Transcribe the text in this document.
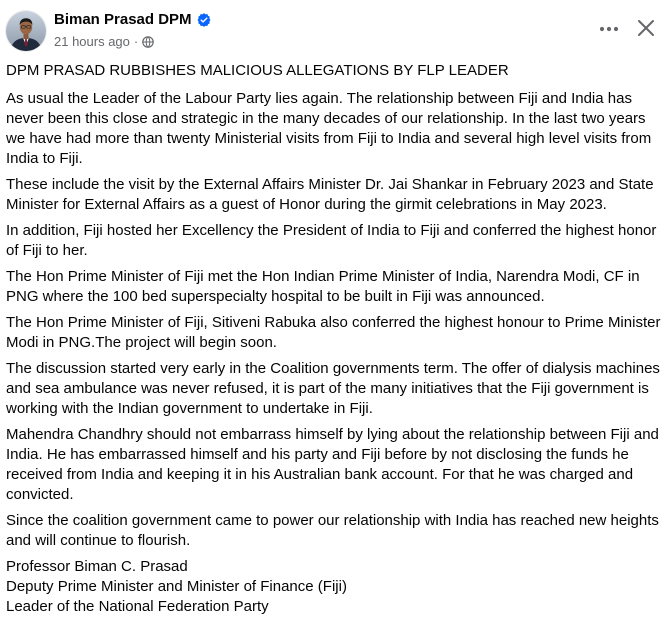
Biman Prasad DPM
21 hours ago ·

DPM PRASAD RUBBISHES MALICIOUS ALLEGATIONS BY FLP LEADER

As usual the Leader of the Labour Party lies again. The relationship between Fiji and India has never been this close and strategic in the many decades of our relationship. In the last two years we have had more than twenty Ministerial visits from Fiji to India and several high level visits from India to Fiji.

These include the visit by the External Affairs Minister Dr. Jai Shankar in February 2023 and State Minister for External Affairs as a guest of Honor during the girmit celebrations in May 2023.

In addition, Fiji hosted her Excellency the President of India to Fiji and conferred the highest honor of Fiji to her.

The Hon Prime Minister of Fiji met the Hon Indian Prime Minister of India, Narendra Modi, CF in PNG where the 100 bed superspecialty hospital to be built in Fiji was announced.

The Hon Prime Minister of Fiji, Sitiveni Rabuka also conferred the highest honour to Prime Minister Modi in PNG.The project will begin soon.

The discussion started very early in the Coalition governments term. The offer of dialysis machines and sea ambulance was never refused, it is part of the many initiatives that the Fiji government is working with the Indian government to undertake in Fiji.

Mahendra Chandhry should not embarrass himself by lying about the relationship between Fiji and India. He has embarrassed himself and his party and Fiji before by not disclosing the funds he received from India and keeping it in his Australian bank account. For that he was charged and convicted.

Since the coalition government came to power our relationship with India has reached new heights and will continue to flourish.

Professor Biman C. Prasad
Deputy Prime Minister and Minister of Finance (Fiji)
Leader of the National Federation Party
